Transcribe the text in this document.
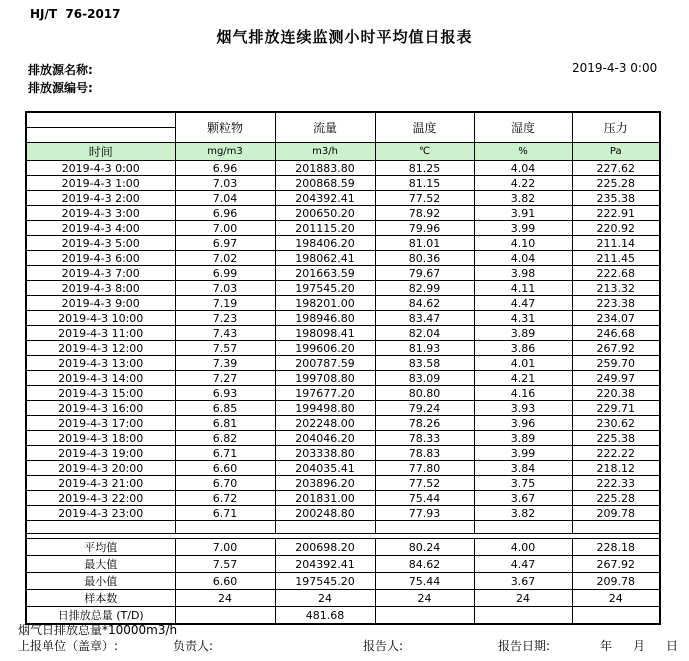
HJ/T  76-2017
烟气排放连续监测小时平均值日报表
排放源名称:
排放源编号:
2019-4-3 0:00
	颗粒物	流量	温度	湿度	压力

时间	mg/m3	m3/h	℃	%	Pa
2019-4-3 0:00	6.96	201883.80	81.25	4.04	227.62
2019-4-3 1:00	7.03	200868.59	81.15	4.22	225.28
2019-4-3 2:00	7.04	204392.41	77.52	3.82	235.38
2019-4-3 3:00	6.96	200650.20	78.92	3.91	222.91
2019-4-3 4:00	7.00	201115.20	79.96	3.99	220.92
2019-4-3 5:00	6.97	198406.20	81.01	4.10	211.14
2019-4-3 6:00	7.02	198062.41	80.36	4.04	211.45
2019-4-3 7:00	6.99	201663.59	79.67	3.98	222.68
2019-4-3 8:00	7.03	197545.20	82.99	4.11	213.32
2019-4-3 9:00	7.19	198201.00	84.62	4.47	223.38
2019-4-3 10:00	7.23	198946.80	83.47	4.31	234.07
2019-4-3 11:00	7.43	198098.41	82.04	3.89	246.68
2019-4-3 12:00	7.57	199606.20	81.93	3.86	267.92
2019-4-3 13:00	7.39	200787.59	83.58	4.01	259.70
2019-4-3 14:00	7.27	199708.80	83.09	4.21	249.97
2019-4-3 15:00	6.93	197677.20	80.80	4.16	220.38
2019-4-3 16:00	6.85	199498.80	79.24	3.93	229.71
2019-4-3 17:00	6.81	202248.00	78.26	3.96	230.62
2019-4-3 18:00	6.82	204046.20	78.33	3.89	225.38
2019-4-3 19:00	6.71	203338.80	78.83	3.99	222.22
2019-4-3 20:00	6.60	204035.41	77.80	3.84	218.12
2019-4-3 21:00	6.70	203896.20	77.52	3.75	222.33
2019-4-3 22:00	6.72	201831.00	75.44	3.67	225.28
2019-4-3 23:00	6.71	200248.80	77.93	3.82	209.78

平均值	7.00	200698.20	80.24	4.00	228.18
最大值	7.57	204392.41	84.62	4.47	267.92
最小值	6.60	197545.20	75.44	3.67	209.78
样本数	24	24	24	24	24
日排放总量 (T/D)		481.68			
烟气日排放总量*10000m3/h
上报单位（盖章）:	负责人:	报告人:	报告日期:	年 月 日
